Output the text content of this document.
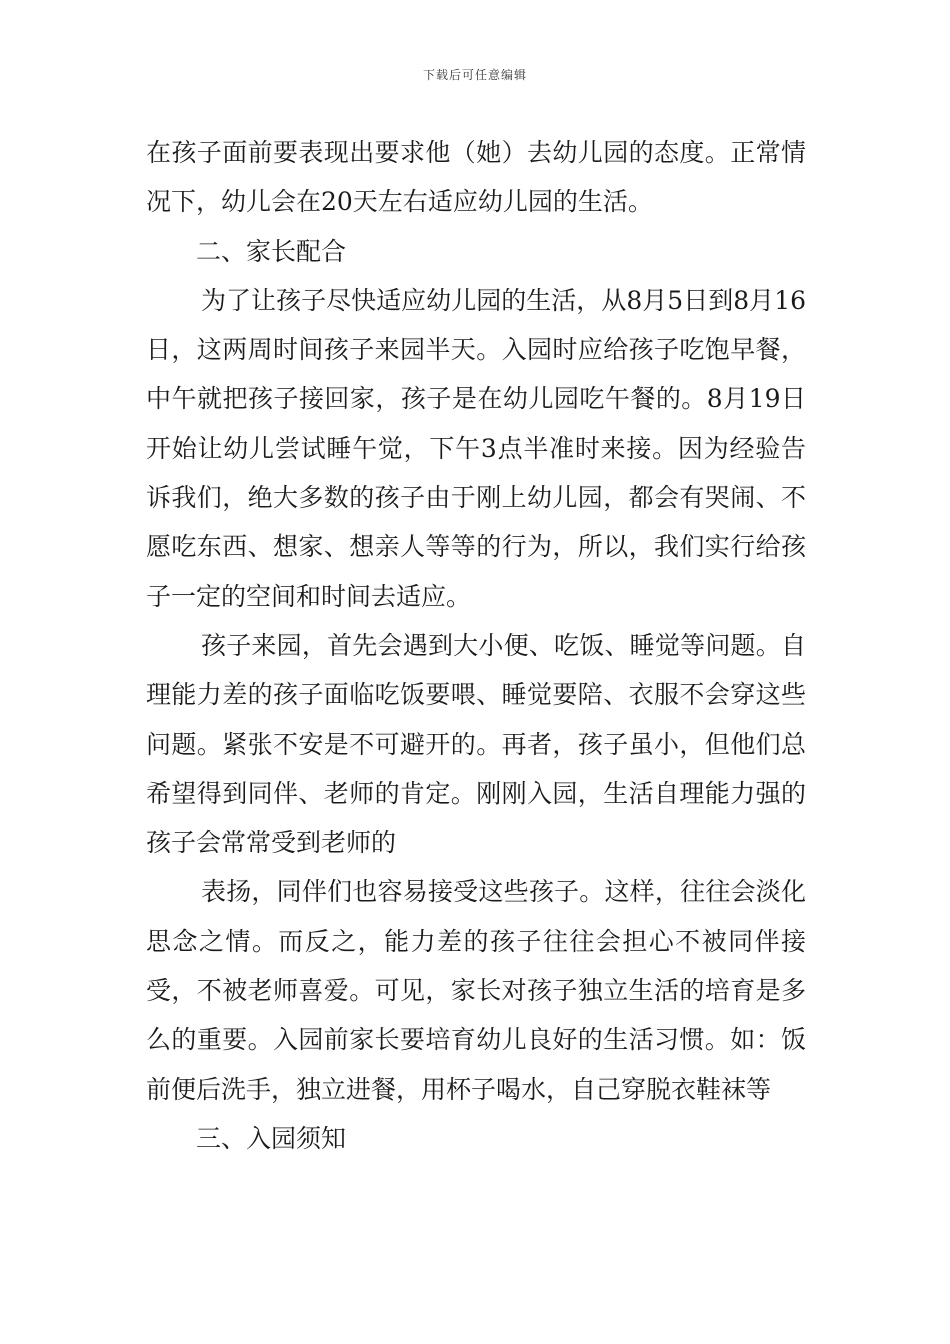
下载后可任意编辑

在孩子面前要表现出要求他（她）去幼儿园的态度。正常情况下，幼儿会在20天左右适应幼儿园的生活。

二、家长配合

为了让孩子尽快适应幼儿园的生活，从8月5日到8月16日，这两周时间孩子来园半天。入园时应给孩子吃饱早餐，中午就把孩子接回家，孩子是在幼儿园吃午餐的。8月19日开始让幼儿尝试睡午觉，下午3点半准时来接。因为经验告诉我们，绝大多数的孩子由于刚上幼儿园，都会有哭闹、不愿吃东西、想家、想亲人等等的行为，所以，我们实行给孩子一定的空间和时间去适应。

孩子来园，首先会遇到大小便、吃饭、睡觉等问题。自理能力差的孩子面临吃饭要喂、睡觉要陪、衣服不会穿这些问题。紧张不安是不可避开的。再者，孩子虽小，但他们总希望得到同伴、老师的肯定。刚刚入园，生活自理能力强的孩子会常常受到老师的

表扬，同伴们也容易接受这些孩子。这样，往往会淡化思念之情。而反之，能力差的孩子往往会担心不被同伴接受，不被老师喜爱。可见，家长对孩子独立生活的培育是多么的重要。入园前家长要培育幼儿良好的生活习惯。如：饭前便后洗手，独立进餐，用杯子喝水，自己穿脱衣鞋袜等

三、入园须知
